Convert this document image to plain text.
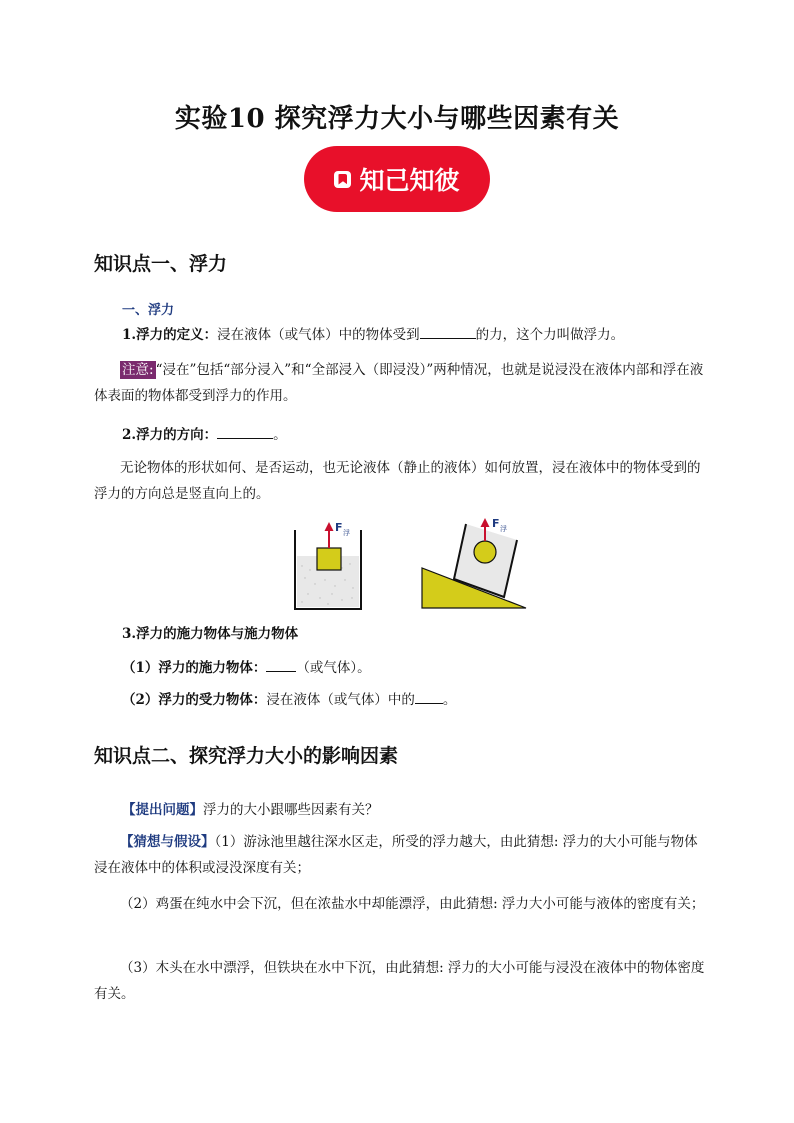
实验10 探究浮力大小与哪些因素有关
知己知彼
知识点一、浮力
一、浮力
1.浮力的定义：浸在液体（或气体）中的物体受到	的力，这个力叫做浮力。
注意: “浸在”包括“部分浸入”和“全部浸入（即浸没）”两种情况，也就是说浸没在液体内部和浮在液体表面的物体都受到浮力的作用。
2.浮力的方向：	。
无论物体的形状如何、是否运动，也无论液体（静止的液体）如何放置，浸在液体中的物体受到的浮力的方向总是竖直向上的。
F 浮
F 浮
3.浮力的施力物体与施力物体
（1）浮力的施力物体： （或气体）。
（2）浮力的受力物体：浸在液体（或气体）中的 。
知识点二、探究浮力大小的影响因素
【提出问题】浮力的大小跟哪些因素有关？
【猜想与假设】（1）游泳池里越往深水区走，所受的浮力越大，由此猜想: 浮力的大小可能与物体浸在液体中的体积或浸没深度有关；
（2）鸡蛋在纯水中会下沉，但在浓盐水中却能漂浮，由此猜想: 浮力大小可能与液体的密度有关；
（3）木头在水中漂浮，但铁块在水中下沉，由此猜想: 浮力的大小可能与浸没在液体中的物体密度有关。
